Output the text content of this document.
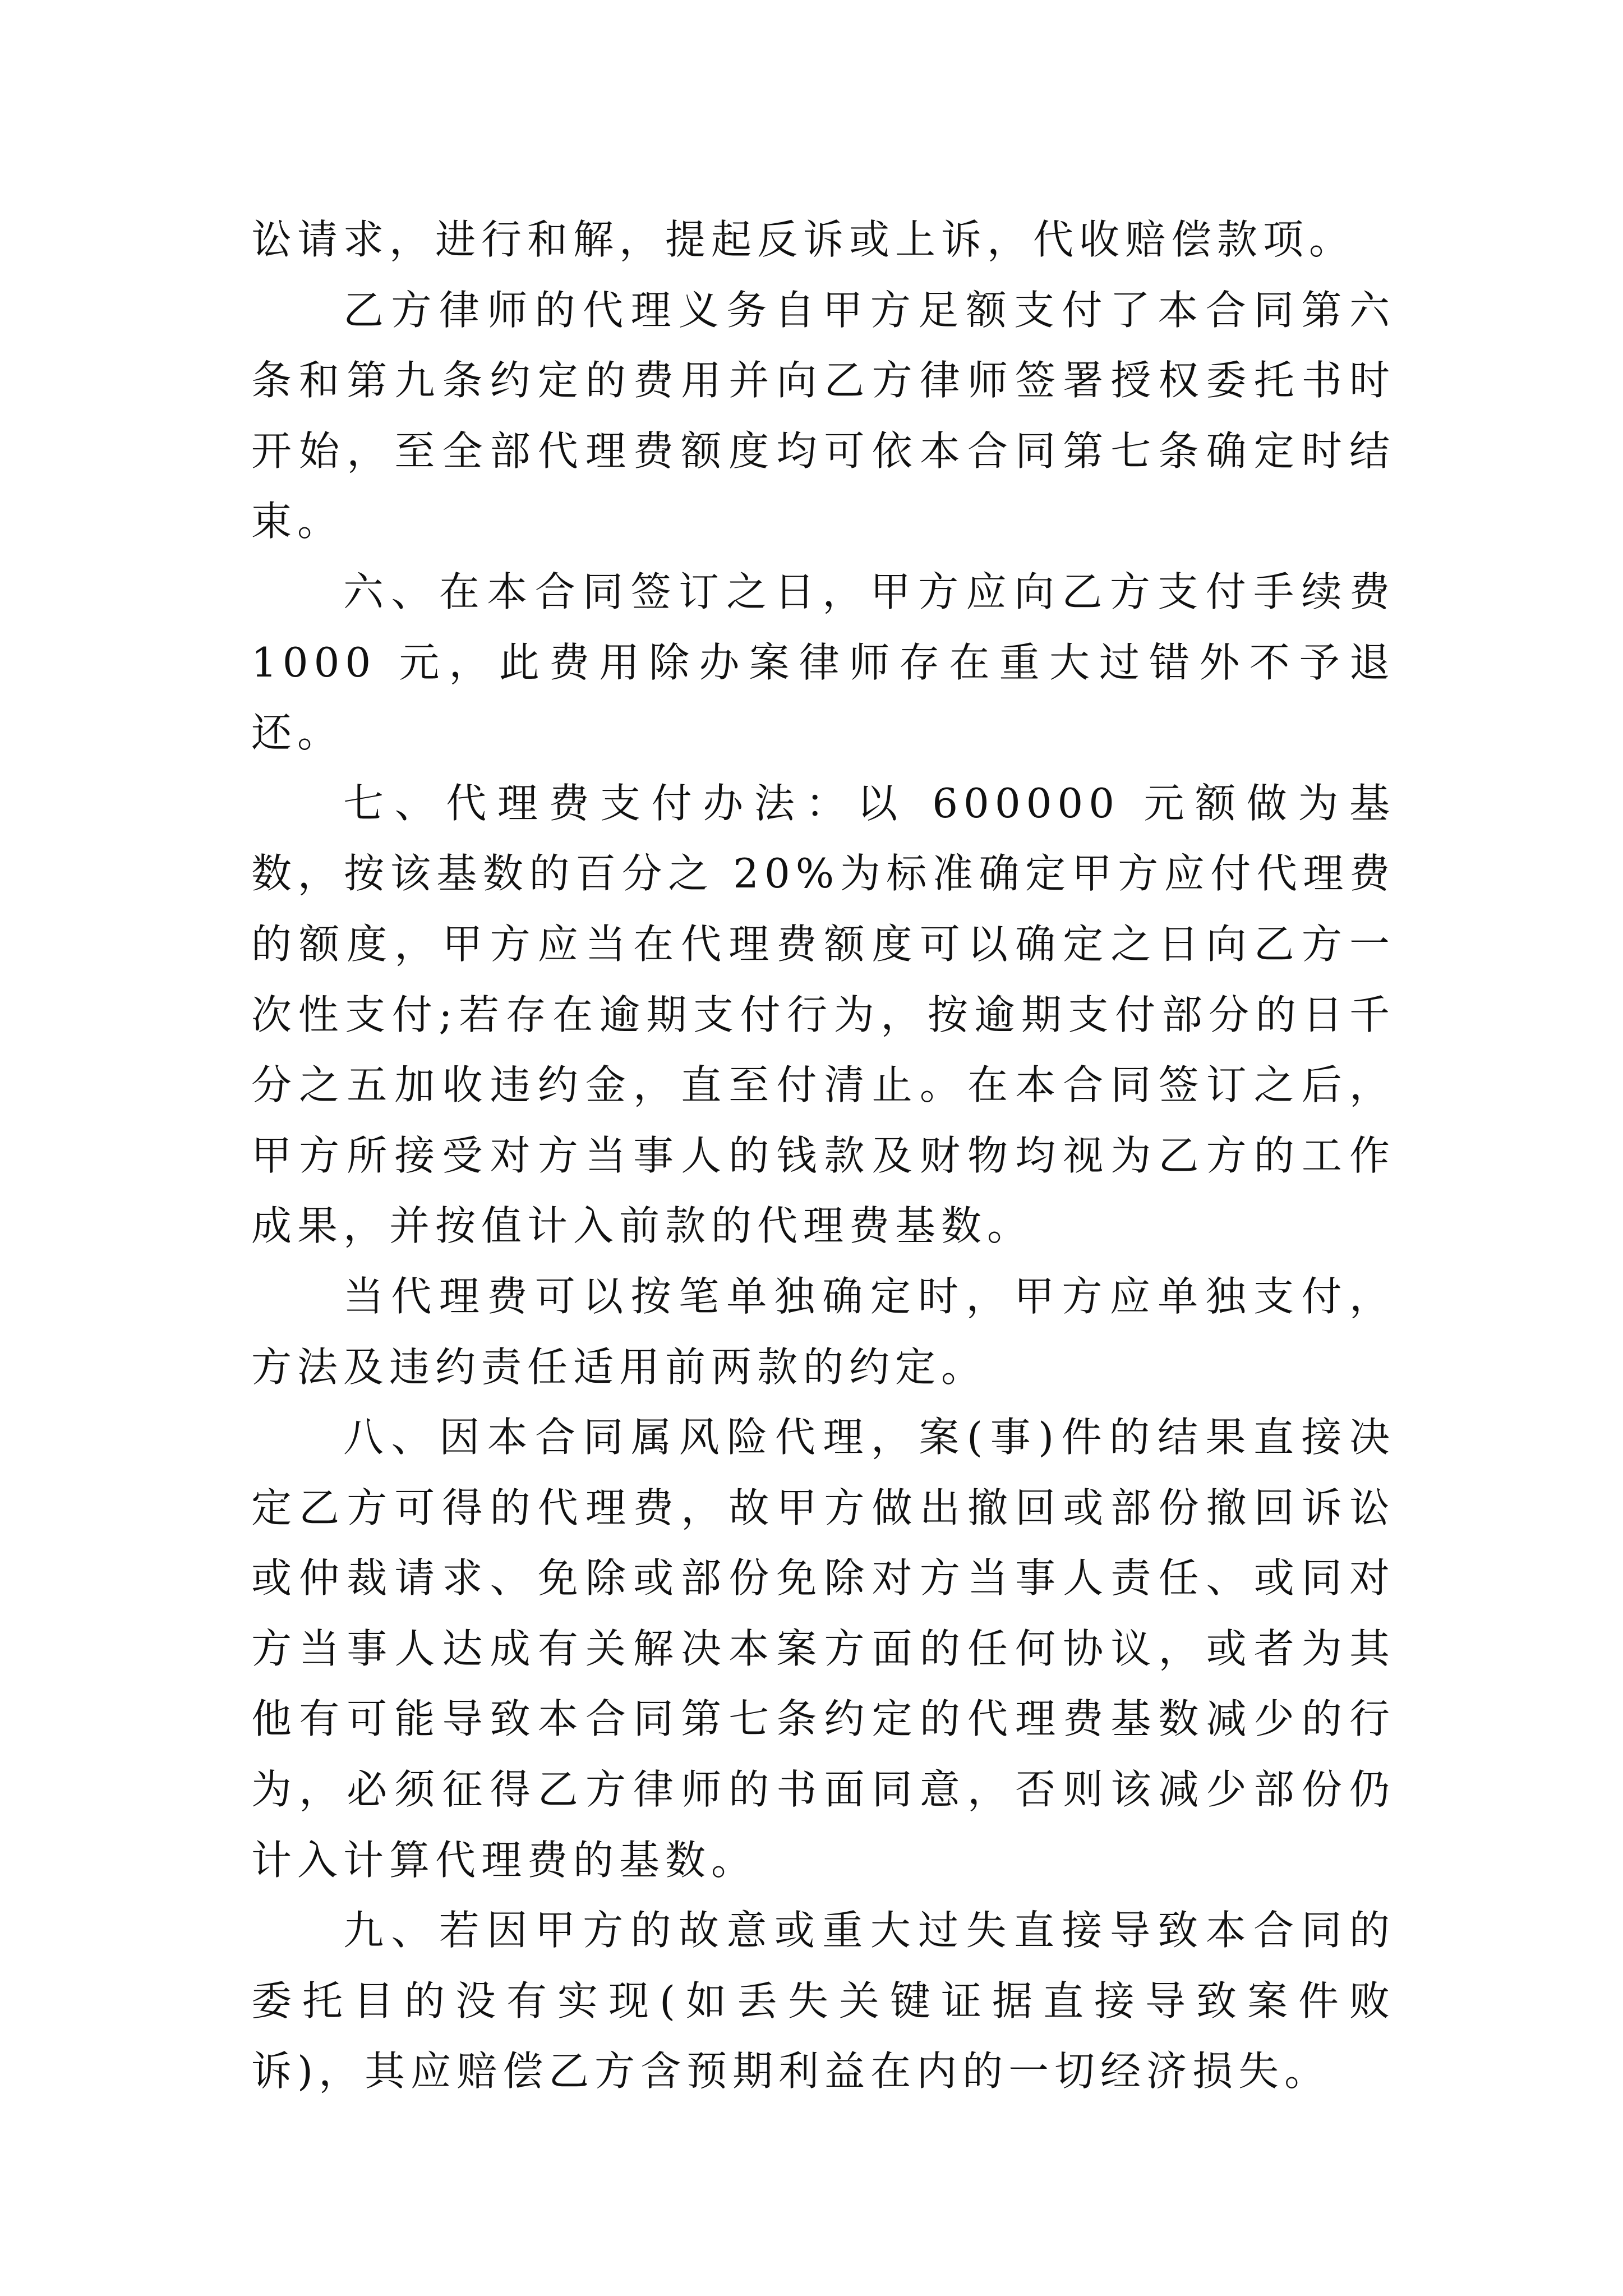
讼请求，进行和解，提起反诉或上诉，代收赔偿款项。

乙方律师的代理义务自甲方足额支付了本合同第六条和第九条约定的费用并向乙方律师签署授权委托书时开始，至全部代理费额度均可依本合同第七条确定时结束。

六、在本合同签订之日，甲方应向乙方支付手续费 1000 元，此费用除办案律师存在重大过错外不予退还。

七、代理费支付办法：以 600000 元额做为基数，按该基数的百分之 20%为标准确定甲方应付代理费的额度，甲方应当在代理费额度可以确定之日向乙方一次性支付;若存在逾期支付行为，按逾期支付部分的日千分之五加收违约金，直至付清止。在本合同签订之后，甲方所接受对方当事人的钱款及财物均视为乙方的工作成果，并按值计入前款的代理费基数。

当代理费可以按笔单独确定时，甲方应单独支付，方法及违约责任适用前两款的约定。

八、因本合同属风险代理，案(事)件的结果直接决定乙方可得的代理费，故甲方做出撤回或部份撤回诉讼或仲裁请求、免除或部份免除对方当事人责任、或同对方当事人达成有关解决本案方面的任何协议，或者为其他有可能导致本合同第七条约定的代理费基数减少的行为，必须征得乙方律师的书面同意，否则该减少部份仍计入计算代理费的基数。

九、若因甲方的故意或重大过失直接导致本合同的委托目的没有实现(如丢失关键证据直接导致案件败诉)，其应赔偿乙方含预期利益在内的一切经济损失。
